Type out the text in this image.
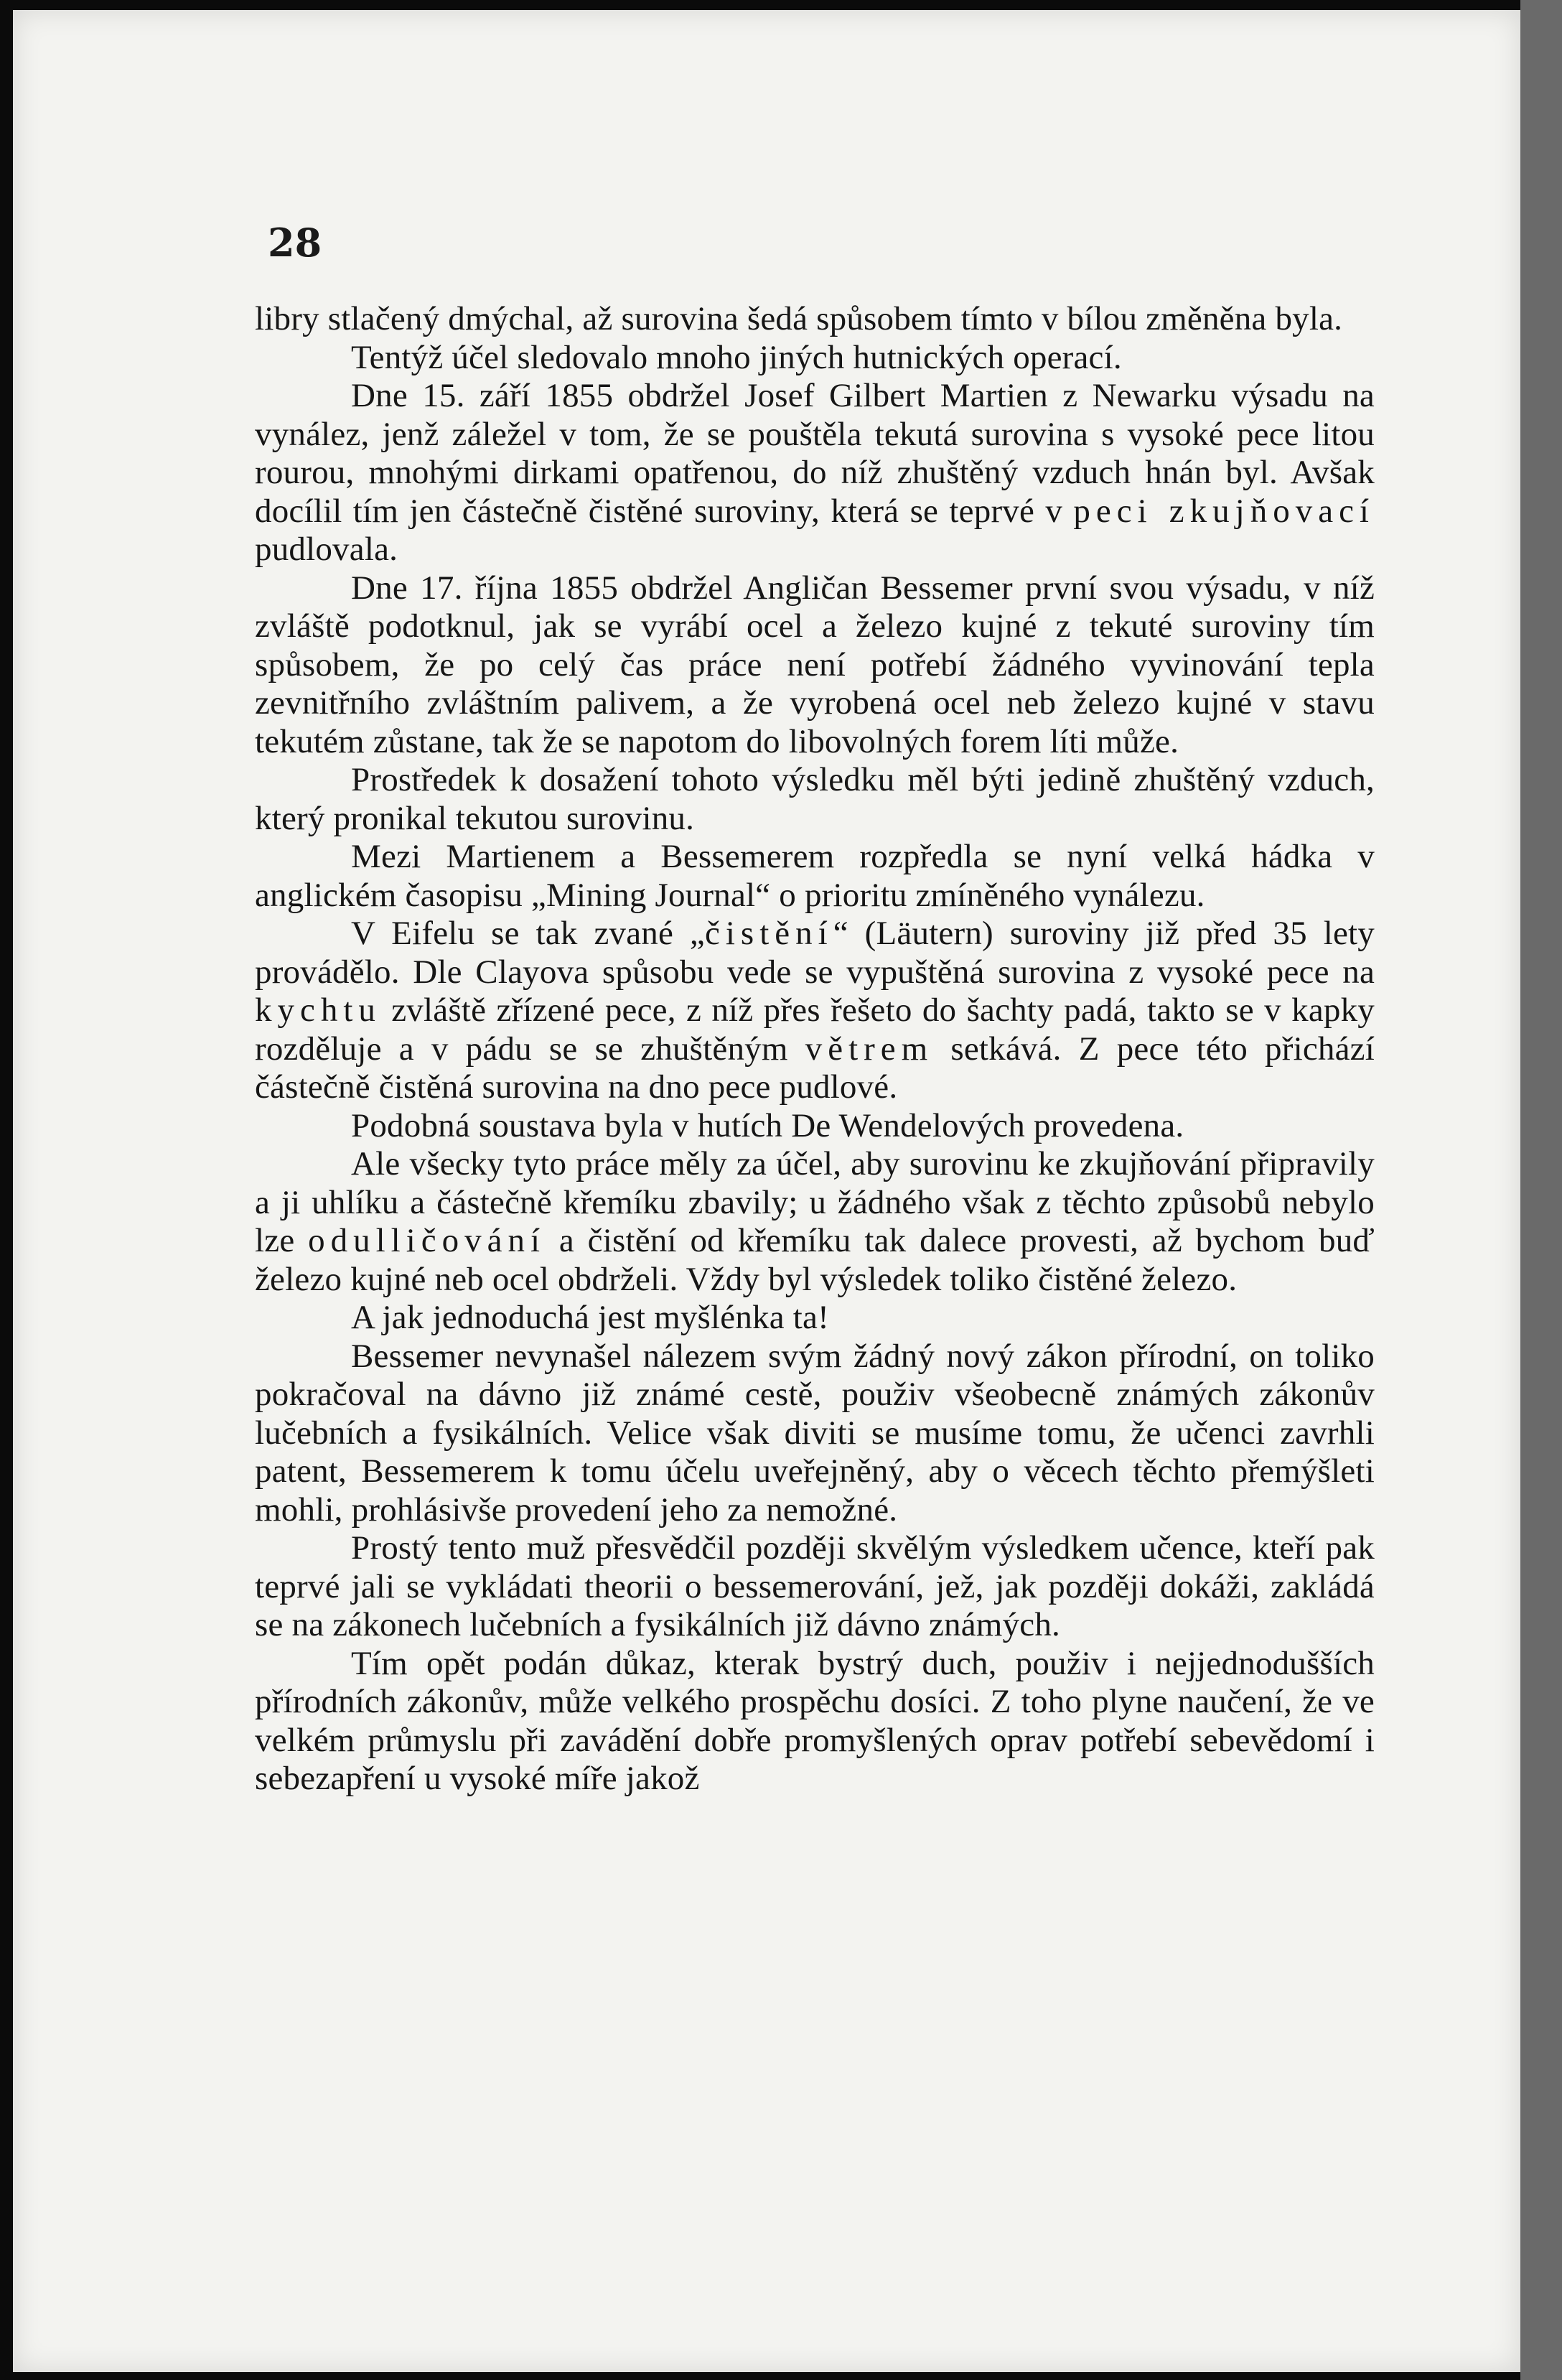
28

libry stlačený dmýchal, až surovina šedá spůsobem tímto v bílou změněna byla.

Tentýž účel sledovalo mnoho jiných hutnických operací.

Dne 15. září 1855 obdržel Josef Gilbert Martien z Newarku výsadu na vynález, jenž záležel v tom, že se pouštěla tekutá surovina s vysoké pece litou rourou, mnohými dirkami opatřenou, do níž zhuštěný vzduch hnán byl. Avšak docílil tím jen částečně čistěné suroviny, která se teprvé v peci zkujňovací pudlovala.

Dne 17. října 1855 obdržel Angličan Bessemer první svou výsadu, v níž zvláště podotknul, jak se vyrábí ocel a železo kujné z tekuté suroviny tím spůsobem, že po celý čas práce není potřebí žádného vyvinování tepla zevnitřního zvláštním palivem, a že vyrobená ocel neb železo kujné v stavu tekutém zůstane, tak že se napotom do libovolných forem líti může.

Prostředek k dosažení tohoto výsledku měl býti jedině zhuštěný vzduch, který pronikal tekutou surovinu.

Mezi Martienem a Bessemerem rozpředla se nyní velká hádka v anglickém časopisu „Mining Journal“ o prioritu zmíněného vynálezu.

V Eifelu se tak zvané „čistění“ (Läutern) suroviny již před 35 lety provádělo. Dle Clayova spůsobu vede se vypuštěná surovina z vysoké pece na kychtu zvláště zřízené pece, z níž přes řešeto do šachty padá, takto se v kapky rozděluje a v pádu se se zhuštěným větrem setkává. Z pece této přichází částečně čistěná surovina na dno pece pudlové.

Podobná soustava byla v hutích De Wendelových provedena.

Ale všecky tyto práce měly za účel, aby surovinu ke zkujňování připravily a ji uhlíku a částečně křemíku zbavily; u žádného však z těchto způsobů nebylo lze odulličování a čistění od křemíku tak dalece provesti, až bychom buď železo kujné neb ocel obdrželi. Vždy byl výsledek toliko čistěné železo.

A jak jednoduchá jest myšlénka ta!

Bessemer nevynašel nálezem svým žádný nový zákon přírodní, on toliko pokračoval na dávno již známé cestě, použiv všeobecně známých zákonův lučebních a fysikálních. Velice však diviti se musíme tomu, že učenci zavrhli patent, Bessemerem k tomu účelu uveřejněný, aby o věcech těchto přemýšleti mohli, prohlásivše provedení jeho za nemožné.

Prostý tento muž přesvědčil později skvělým výsledkem učence, kteří pak teprvé jali se vykládati theorii o bessemerování, jež, jak později dokáži, zakládá se na zákonech lučebních a fysikálních již dávno známých.

Tím opět podán důkaz, kterak bystrý duch, použiv i nejjednodušších přírodních zákonův, může velkého prospěchu dosíci. Z toho plyne naučení, že ve velkém průmyslu při zavádění dobře promyšlených oprav potřebí sebevědomí i sebezapření u vysoké míře jakož
